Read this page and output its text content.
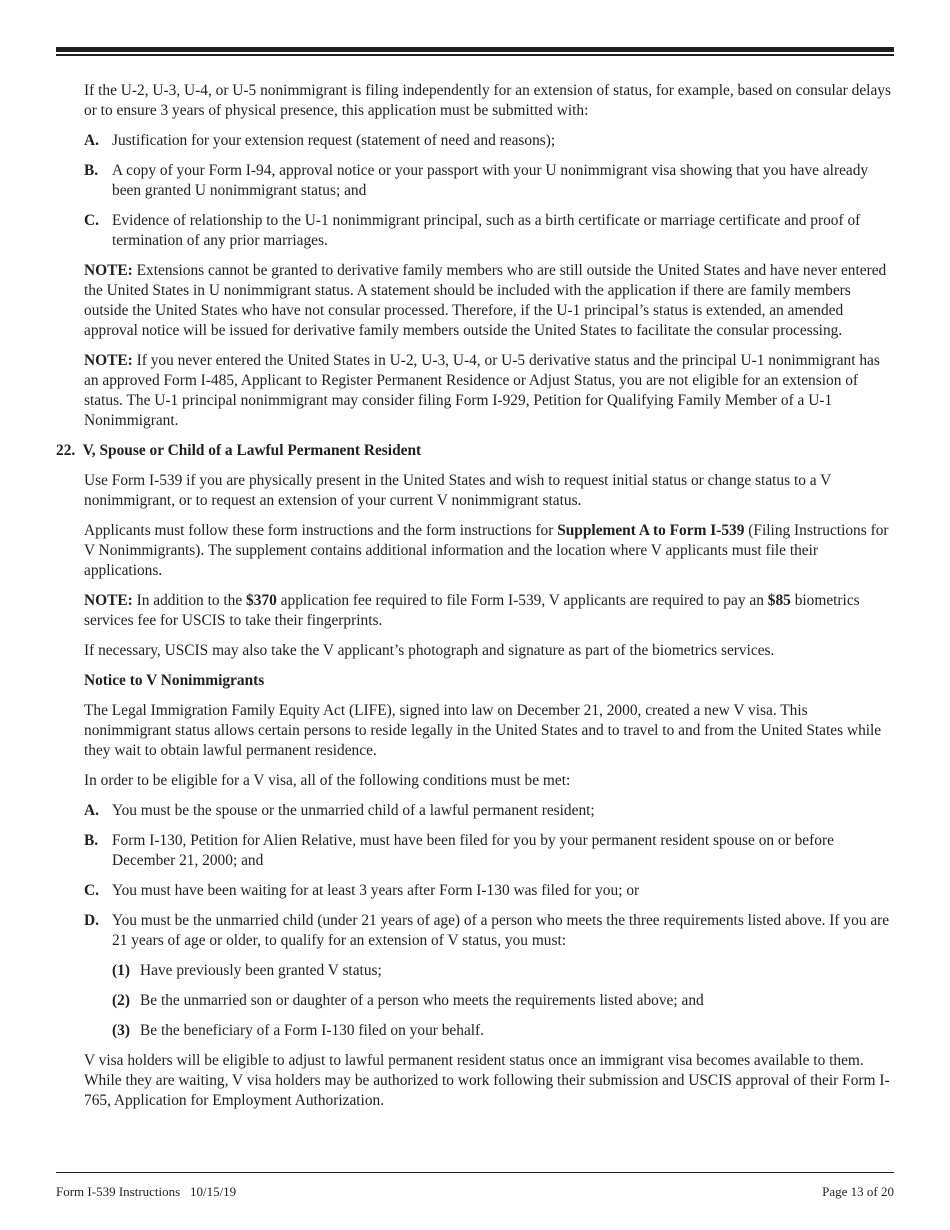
If the U-2, U-3, U-4, or U-5 nonimmigrant is filing independently for an extension of status, for example, based on consular delays or to ensure 3 years of physical presence, this application must be submitted with:

A. Justification for your extension request (statement of need and reasons);
B. A copy of your Form I-94, approval notice or your passport with your U nonimmigrant visa showing that you have already been granted U nonimmigrant status; and
C. Evidence of relationship to the U-1 nonimmigrant principal, such as a birth certificate or marriage certificate and proof of termination of any prior marriages.

NOTE: Extensions cannot be granted to derivative family members who are still outside the United States and have never entered the United States in U nonimmigrant status. A statement should be included with the application if there are family members outside the United States who have not consular processed. Therefore, if the U-1 principal’s status is extended, an amended approval notice will be issued for derivative family members outside the United States to facilitate the consular processing.

NOTE: If you never entered the United States in U-2, U-3, U-4, or U-5 derivative status and the principal U-1 nonimmigrant has an approved Form I-485, Applicant to Register Permanent Residence or Adjust Status, you are not eligible for an extension of status. The U-1 principal nonimmigrant may consider filing Form I-929, Petition for Qualifying Family Member of a U-1 Nonimmigrant.

22. V, Spouse or Child of a Lawful Permanent Resident

Use Form I-539 if you are physically present in the United States and wish to request initial status or change status to a V nonimmigrant, or to request an extension of your current V nonimmigrant status.

Applicants must follow these form instructions and the form instructions for Supplement A to Form I-539 (Filing Instructions for V Nonimmigrants). The supplement contains additional information and the location where V applicants must file their applications.

NOTE: In addition to the $370 application fee required to file Form I-539, V applicants are required to pay an $85 biometrics services fee for USCIS to take their fingerprints.

If necessary, USCIS may also take the V applicant’s photograph and signature as part of the biometrics services.

Notice to V Nonimmigrants

The Legal Immigration Family Equity Act (LIFE), signed into law on December 21, 2000, created a new V visa. This nonimmigrant status allows certain persons to reside legally in the United States and to travel to and from the United States while they wait to obtain lawful permanent residence.

In order to be eligible for a V visa, all of the following conditions must be met:

A. You must be the spouse or the unmarried child of a lawful permanent resident;
B. Form I-130, Petition for Alien Relative, must have been filed for you by your permanent resident spouse on or before December 21, 2000; and
C. You must have been waiting for at least 3 years after Form I-130 was filed for you; or
D. You must be the unmarried child (under 21 years of age) of a person who meets the three requirements listed above. If you are 21 years of age or older, to qualify for an extension of V status, you must:
(1) Have previously been granted V status;
(2) Be the unmarried son or daughter of a person who meets the requirements listed above; and
(3) Be the beneficiary of a Form I-130 filed on your behalf.

V visa holders will be eligible to adjust to lawful permanent resident status once an immigrant visa becomes available to them. While they are waiting, V visa holders may be authorized to work following their submission and USCIS approval of their Form I-765, Application for Employment Authorization.

Form I-539 Instructions   10/15/19	Page 13 of 20
